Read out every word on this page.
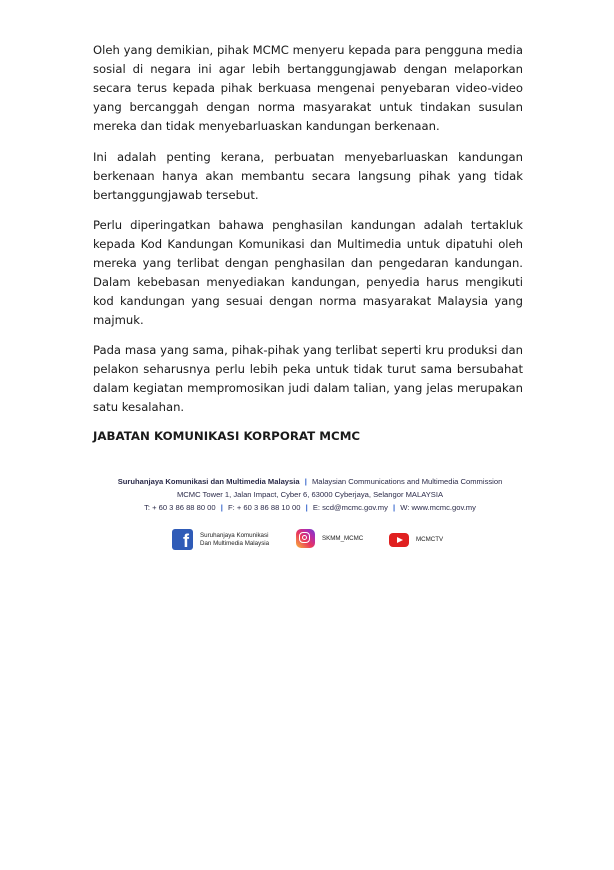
Oleh yang demikian, pihak MCMC menyeru kepada para pengguna media sosial di negara ini agar lebih bertanggungjawab dengan melaporkan secara terus kepada pihak berkuasa mengenai penyebaran video-video yang bercanggah dengan norma masyarakat untuk tindakan susulan mereka dan tidak menyebarluaskan kandungan berkenaan.

Ini adalah penting kerana, perbuatan menyebarluaskan kandungan berkenaan hanya akan membantu secara langsung pihak yang tidak bertanggungjawab tersebut.

Perlu diperingatkan bahawa penghasilan kandungan adalah tertakluk kepada Kod Kandungan Komunikasi dan Multimedia untuk dipatuhi oleh mereka yang terlibat dengan penghasilan dan pengedaran kandungan. Dalam kebebasan menyediakan kandungan, penyedia harus mengikuti kod kandungan yang sesuai dengan norma masyarakat Malaysia yang majmuk.

Pada masa yang sama, pihak-pihak yang terlibat seperti kru produksi dan pelakon seharusnya perlu lebih peka untuk tidak turut sama bersubahat dalam kegiatan mempromosikan judi dalam talian, yang jelas merupakan satu kesalahan.

JABATAN KOMUNIKASI KORPORAT MCMC

Suruhanjaya Komunikasi dan Multimedia Malaysia | Malaysian Communications and Multimedia Commission
MCMC Tower 1, Jalan Impact, Cyber 6, 63000 Cyberjaya, Selangor MALAYSIA
T: + 60 3 86 88 80 00 | F: + 60 3 86 88 10 00 | E: scd@mcmc.gov.my | W: www.mcmc.gov.my
f Suruhanjaya Komunikasi
Dan Multimedia Malaysia
SKMM_MCMC	MCMCTV
